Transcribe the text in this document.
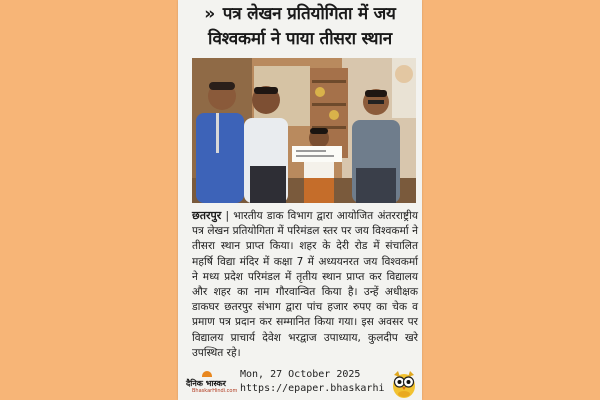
» पत्र लेखन प्रतियोगिता में जय
विश्वकर्मा ने पाया तीसरा स्थान
छतरपुर | भारतीय डाक विभाग द्वारा आयोजित अंतरराष्ट्रीय पत्र लेखन प्रतियोगिता में परिमंडल स्तर पर जय विश्वकर्मा ने तीसरा स्थान प्राप्त किया। शहर के देरी रोड में संचालित महर्षि विद्या मंदिर में कक्षा 7 में अध्ययनरत जय विश्वकर्मा ने मध्य प्रदेश परिमंडल में तृतीय स्थान प्राप्त कर विद्यालय और शहर का नाम गौरवान्वित किया है। उन्हें अधीक्षक डाकघर छतरपुर संभाग द्वारा पांच हजार रुपए का चेक व प्रमाण पत्र प्रदान कर सम्मानित किया गया। इस अवसर पर विद्यालय प्राचार्य देवेश भरद्वाज उपाध्याय, कुलदीप खरे उपस्थित रहे।
दैनिक भास्कर
BhaskarHindi.com
Mon, 27 October 2025
https://epaper.bhaskarhi
